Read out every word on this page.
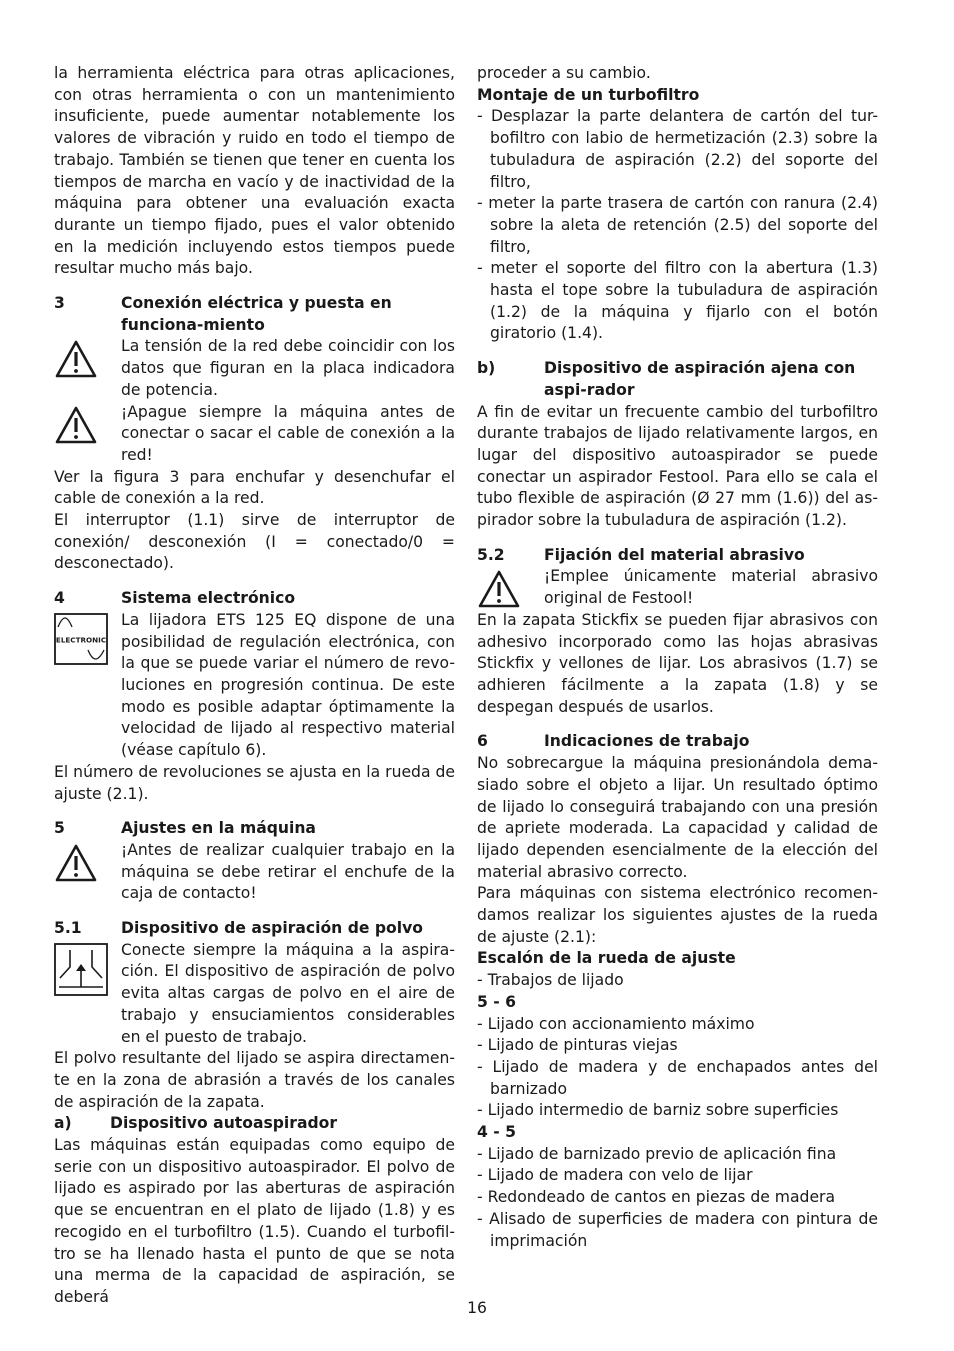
la herramienta eléctrica para otras aplicaciones, con otras herramienta o con un mantenimiento insuficiente, puede aumentar notablemente los valores de vibración y ruido en todo el tiempo de trabajo. También se tienen que tener en cuenta los tiempos de marcha en vacío y de inactividad de la máquina para obtener una evaluación exacta durante un tiempo fijado, pues el valor obtenido en la medición incluyendo estos tiempos puede resultar mucho más bajo.

3	Conexión eléctrica y puesta en funciona-miento
La tensión de la red debe coincidir con los datos que figuran en la placa indicadora de potencia.
¡Apague siempre la máquina antes de conectar o sacar el cable de conexión a la red!

Ver la figura 3 para enchufar y desenchufar el cable de conexión a la red.

El interruptor (1.1) sirve de interruptor de conexión/ desconexión (I = conectado/0 = desconectado).

4	Sistema electrónico
ELECTRONIC
La lijadora ETS 125 EQ dispone de una posibilidad de regulación electrónica, con la que se puede variar el número de revo-luciones en progresión continua. De este modo es posible adaptar óptimamente la velocidad de lijado al respectivo material (véase capítulo 6).

El número de revoluciones se ajusta en la rueda de ajuste (2.1).

5	Ajustes en la máquina
¡Antes de realizar cualquier trabajo en la máquina se debe retirar el enchufe de la caja de contacto!
5.1	Dispositivo de aspiración de polvo
Conecte siempre la máquina a la aspira-ción. El dispositivo de aspiración de polvo evita altas cargas de polvo en el aire de trabajo y ensuciamientos considerables en el puesto de trabajo.

El polvo resultante del lijado se aspira directamen-te en la zona de abrasión a través de los canales de aspiración de la zapata.

a)	Dispositivo autoaspirador

Las máquinas están equipadas como equipo de serie con un dispositivo autoaspirador. El polvo de lijado es aspirado por las aberturas de aspiración que se encuentran en el plato de lijado (1.8) y es recogido en el turbofiltro (1.5). Cuando el turbofil-tro se ha llenado hasta el punto de que se nota una merma de la capacidad de aspiración, se deberá

proceder a su cambio.

Montaje de un turbofiltro
- Desplazar la parte delantera de cartón del tur-bofiltro con labio de hermetización (2.3) sobre la tubuladura de aspiración (2.2) del soporte del filtro,
- meter la parte trasera de cartón con ranura (2.4) sobre la aleta de retención (2.5) del soporte del filtro,
- meter el soporte del filtro con la abertura (1.3) hasta el tope sobre la tubuladura de aspiración (1.2) de la máquina y fijarlo con el botón giratorio (1.4).
b)	Dispositivo de aspiración ajena con aspi-rador

A fin de evitar un frecuente cambio del turbofiltro durante trabajos de lijado relativamente largos, en lugar del dispositivo autoaspirador se puede conectar un aspirador Festool. Para ello se cala el tubo flexible de aspiración (Ø 27 mm (1.6)) del as-pirador sobre la tubuladura de aspiración (1.2).

5.2	Fijación del material abrasivo
¡Emplee únicamente material abrasivo original de Festool!

En la zapata Stickfix se pueden fijar abrasivos con adhesivo incorporado como las hojas abrasivas Stickfix y vellones de lijar. Los abrasivos (1.7) se adhieren fácilmente a la zapata (1.8) y se despegan después de usarlos.

6	Indicaciones de trabajo

No sobrecargue la máquina presionándola dema-siado sobre el objeto a lijar. Un resultado óptimo de lijado lo conseguirá trabajando con una presión de apriete moderada. La capacidad y calidad de lijado dependen esencialmente de la elección del material abrasivo correcto.

Para máquinas con sistema electrónico recomen-damos realizar los siguientes ajustes de la rueda de ajuste (2.1):

Escalón de la rueda de ajuste
- Trabajos de lijado
5 - 6
- Lijado con accionamiento máximo
- Lijado de pinturas viejas
- Lijado de madera y de enchapados antes del barnizado
- Lijado intermedio de barniz sobre superficies
4 - 5
- Lijado de barnizado previo de aplicación fina
- Lijado de madera con velo de lijar
- Redondeado de cantos en piezas de madera
- Alisado de superficies de madera con pintura de imprimación
16
